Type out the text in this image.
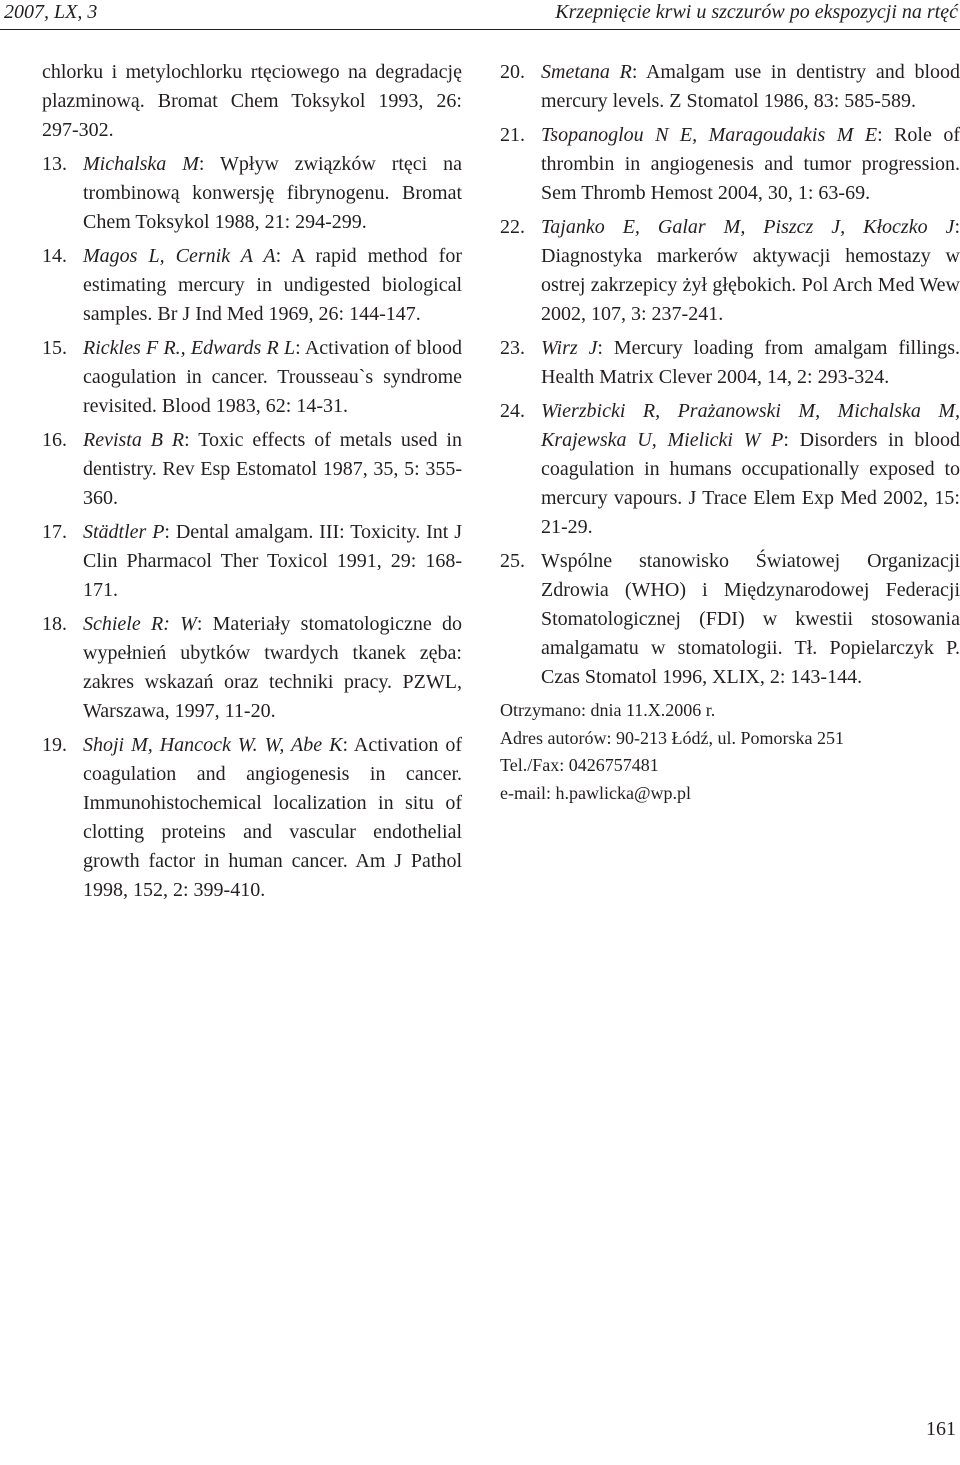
2007, LX, 3	Krzepnięcie krwi u szczurów po ekspozycji na rtęć

chlorku i metylochlorku rtęciowego na degradację plazminową. Bromat Chem Toksykol 1993, 26: 297-302.

13. Michalska M: Wpływ związków rtęci na trombinową konwersję fibrynogenu. Bromat Chem Toksykol 1988, 21: 294-299.

14. Magos L, Cernik A A: A rapid method for estimating mercury in undigested biological samples. Br J Ind Med 1969, 26: 144-147.

15. Rickles F R., Edwards R L: Activation of blood caogulation in cancer. Trousseau`s syndrome revisited. Blood 1983, 62: 14-31.

16. Revista B R: Toxic effects of metals used in dentistry. Rev Esp Estomatol 1987, 35, 5: 355-360.

17. Städtler P: Dental amalgam. III: Toxicity. Int J Clin Pharmacol Ther Toxicol 1991, 29: 168-171.

18. Schiele R: W: Materiały stomatologiczne do wypełnień ubytków twardych tkanek zęba: zakres wskazań oraz techniki pracy. PZWL, Warszawa, 1997, 11-20.

19. Shoji M, Hancock W. W, Abe K: Activation of coagulation and angiogenesis in cancer. Immunohistochemical localization in situ of clotting proteins and vascular endothelial growth factor in human cancer. Am J Pathol 1998, 152, 2: 399-410.

20. Smetana R: Amalgam use in dentistry and blood mercury levels. Z Stomatol 1986, 83: 585-589.

21. Tsopanoglou N E, Maragoudakis M E: Role of thrombin in angiogenesis and tumor progression. Sem Thromb Hemost 2004, 30, 1: 63-69.

22. Tajanko E, Galar M, Piszcz J, Kłoczko J: Diagnostyka markerów aktywacji hemostazy w ostrej zakrzepicy żył głębokich. Pol Arch Med Wew 2002, 107, 3: 237-241.

23. Wirz J: Mercury loading from amalgam fillings. Health Matrix Clever 2004, 14, 2: 293-324.

24. Wierzbicki R, Prażanowski M, Michalska M, Krajewska U, Mielicki W P: Disorders in blood coagulation in humans occupationally exposed to mercury vapours. J Trace Elem Exp Med 2002, 15: 21-29.

25. Wspólne stanowisko Światowej Organizacji Zdrowia (WHO) i Międzynarodowej Federacji Stomatologicznej (FDI) w kwestii stosowania amalgamatu w stomatologii. Tł. Popielarczyk P. Czas Stomatol 1996, XLIX, 2: 143-144.

Otrzymano: dnia 11.X.2006 r.
Adres autorów: 90-213 Łódź, ul. Pomorska 251
Tel./Fax: 0426757481
e-mail: h.pawlicka@wp.pl
161
